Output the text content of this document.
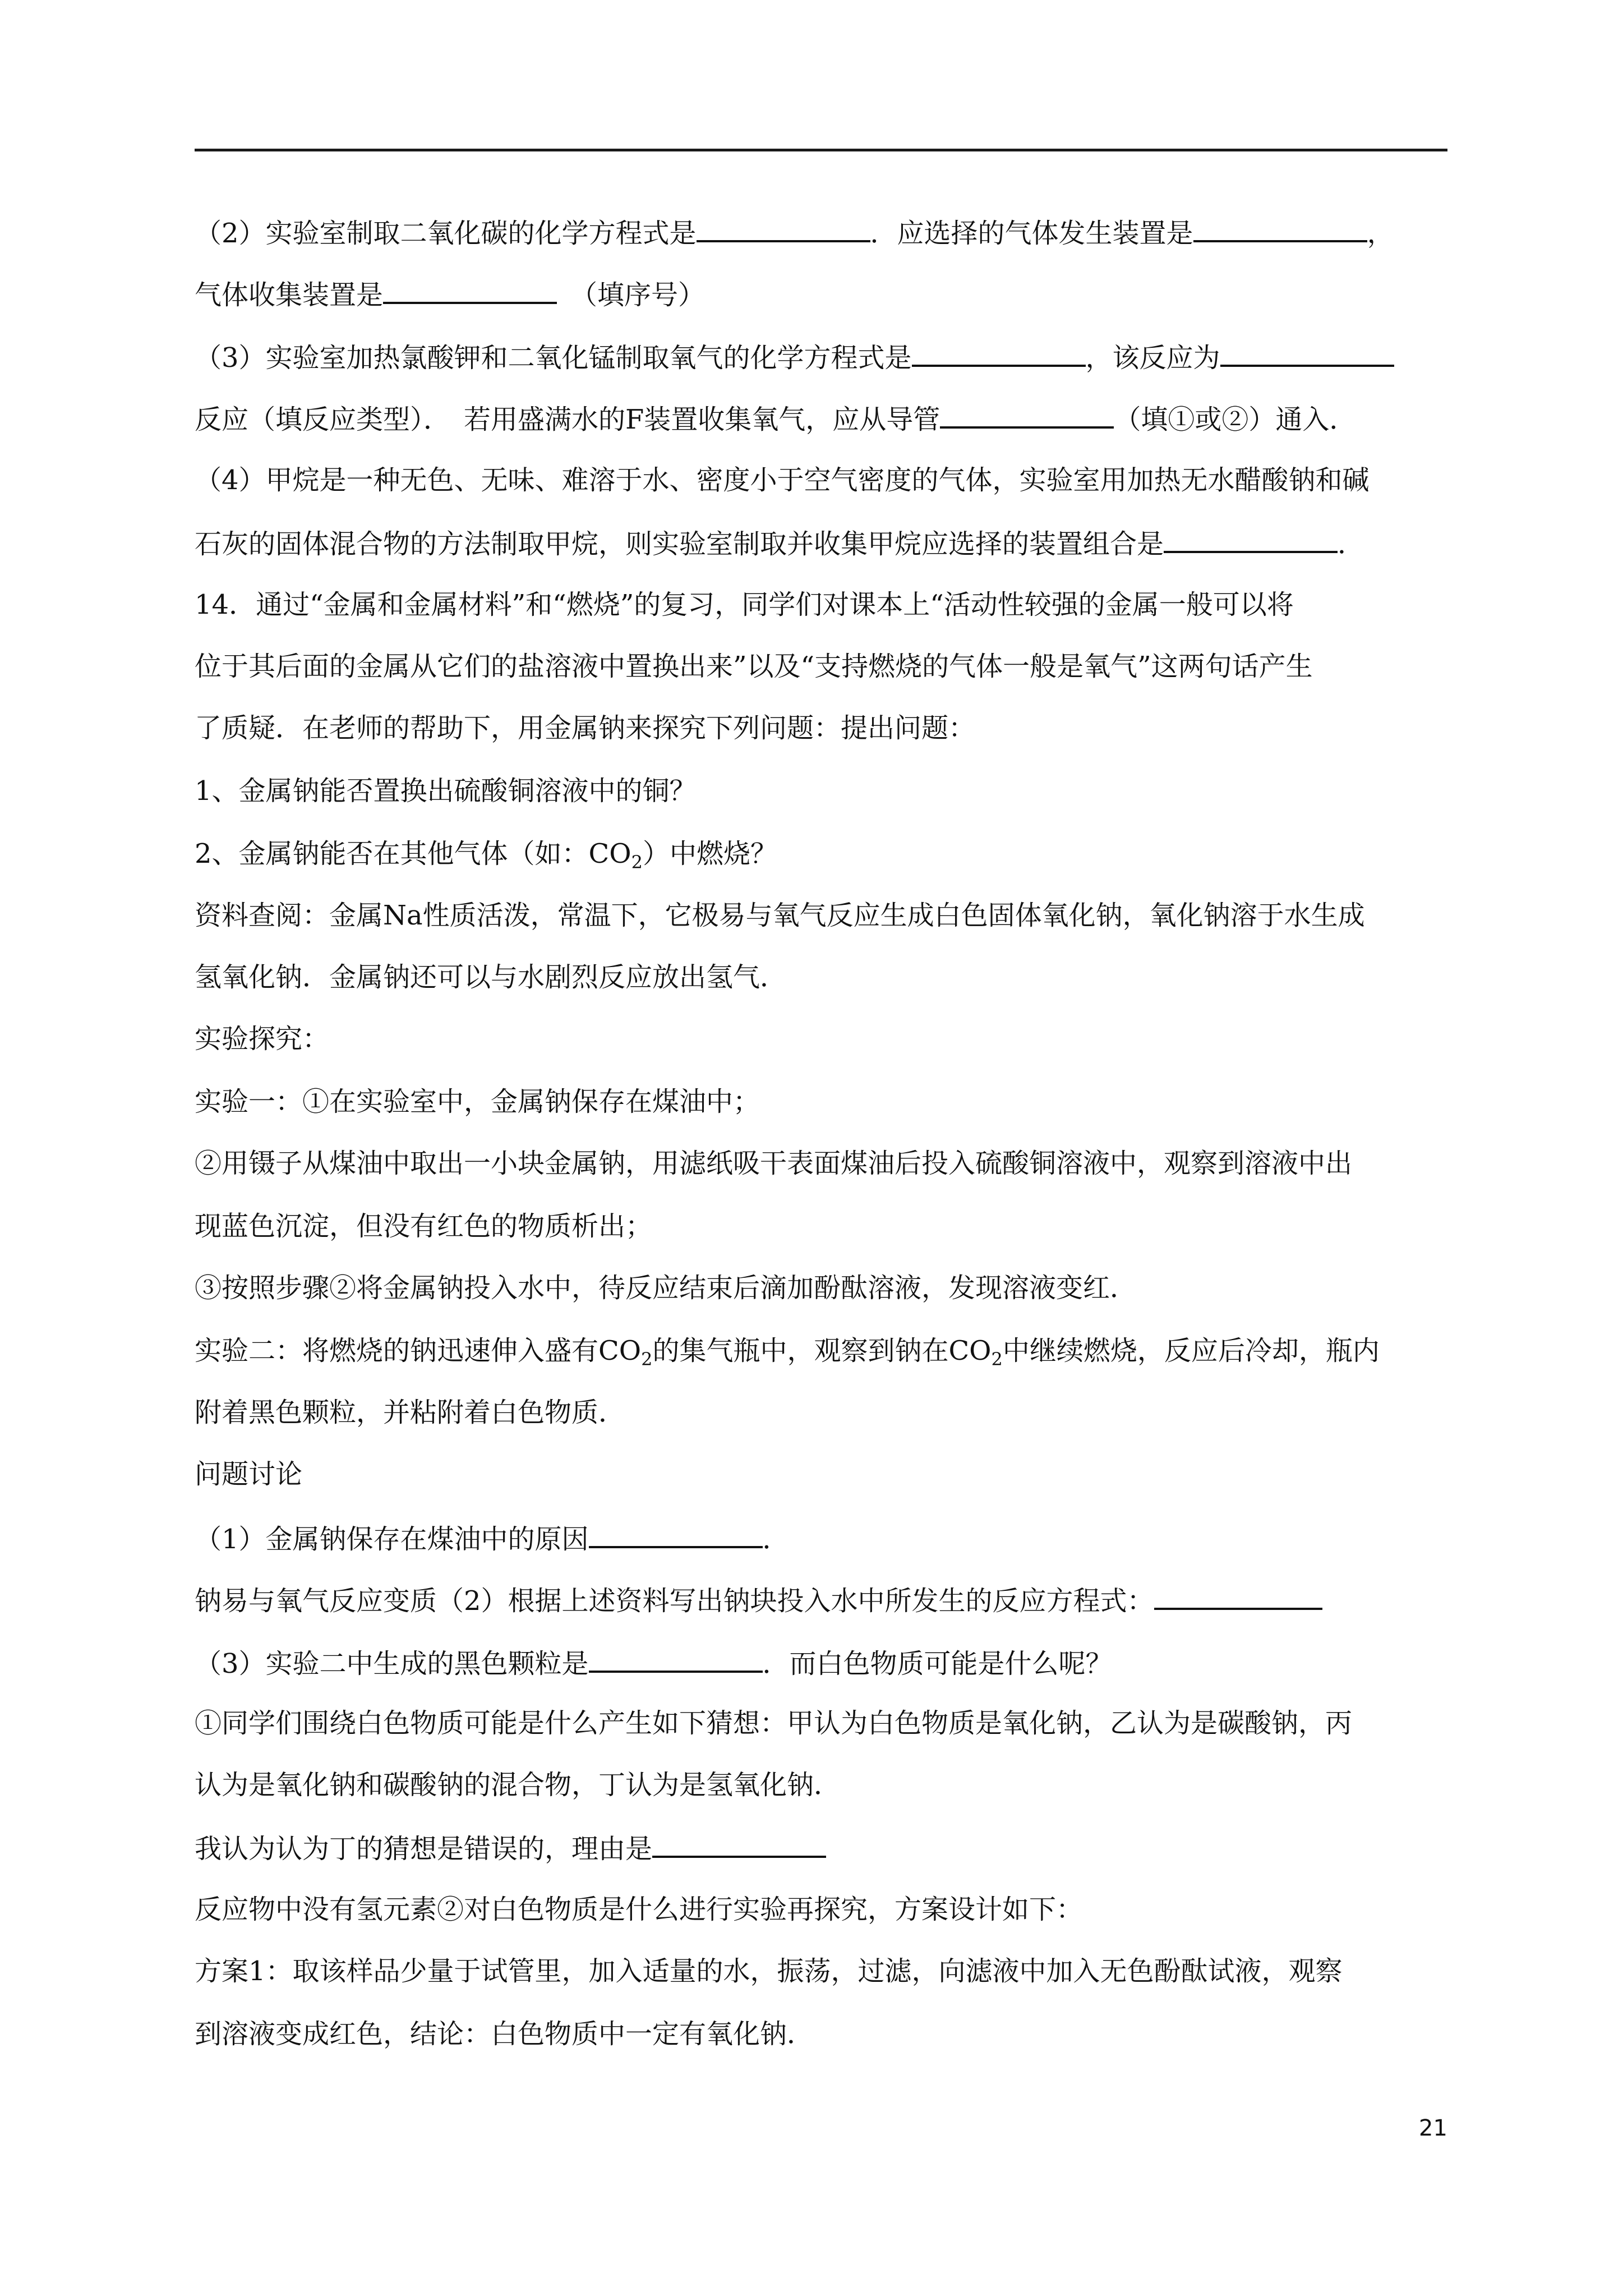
（2）实验室制取二氧化碳的化学方程式是	．应选择的气体发生装置是	，
气体收集装置是	　（填序号）
（3）实验室加热氯酸钾和二氧化锰制取氧气的化学方程式是	，该反应为
反应（填反应类型）．　若用盛满水的F装置收集氧气，应从导管	（填①或②）通入．
（4）甲烷是一种无色、无味、难溶于水、密度小于空气密度的气体，实验室用加热无水醋酸钠和碱
石灰的固体混合物的方法制取甲烷，则实验室制取并收集甲烷应选择的装置组合是	．
14．通过“金属和金属材料”和“燃烧”的复习，同学们对课本上“活动性较强的金属一般可以将
位于其后面的金属从它们的盐溶液中置换出来”以及“支持燃烧的气体一般是氧气”这两句话产生
了质疑．在老师的帮助下，用金属钠来探究下列问题：提出问题：
1、金属钠能否置换出硫酸铜溶液中的铜？
2、金属钠能否在其他气体（如：$CO_2$）中燃烧？
资料查阅：金属Na性质活泼，常温下，它极易与氧气反应生成白色固体氧化钠，氧化钠溶于水生成
氢氧化钠．金属钠还可以与水剧烈反应放出氢气．
实验探究：
实验一：①在实验室中，金属钠保存在煤油中；
②用镊子从煤油中取出一小块金属钠，用滤纸吸干表面煤油后投入硫酸铜溶液中，观察到溶液中出
现蓝色沉淀，但没有红色的物质析出；
③按照步骤②将金属钠投入水中，待反应结束后滴加酚酞溶液，发现溶液变红．
实验二：将燃烧的钠迅速伸入盛有$CO_2$的集气瓶中，观察到钠在$CO_2$中继续燃烧，反应后冷却，瓶内
附着黑色颗粒，并粘附着白色物质．
问题讨论
（1）金属钠保存在煤油中的原因	．
钠易与氧气反应变质（2）根据上述资料写出钠块投入水中所发生的反应方程式：
（3）实验二中生成的黑色颗粒是	．而白色物质可能是什么呢？
①同学们围绕白色物质可能是什么产生如下猜想：甲认为白色物质是氧化钠，乙认为是碳酸钠，丙
认为是氧化钠和碳酸钠的混合物，丁认为是氢氧化钠．
我认为认为丁的猜想是错误的，理由是
反应物中没有氢元素②对白色物质是什么进行实验再探究，方案设计如下：
方案1：取该样品少量于试管里，加入适量的水，振荡，过滤，向滤液中加入无色酚酞试液，观察
到溶液变成红色，结论：白色物质中一定有氧化钠．
21
